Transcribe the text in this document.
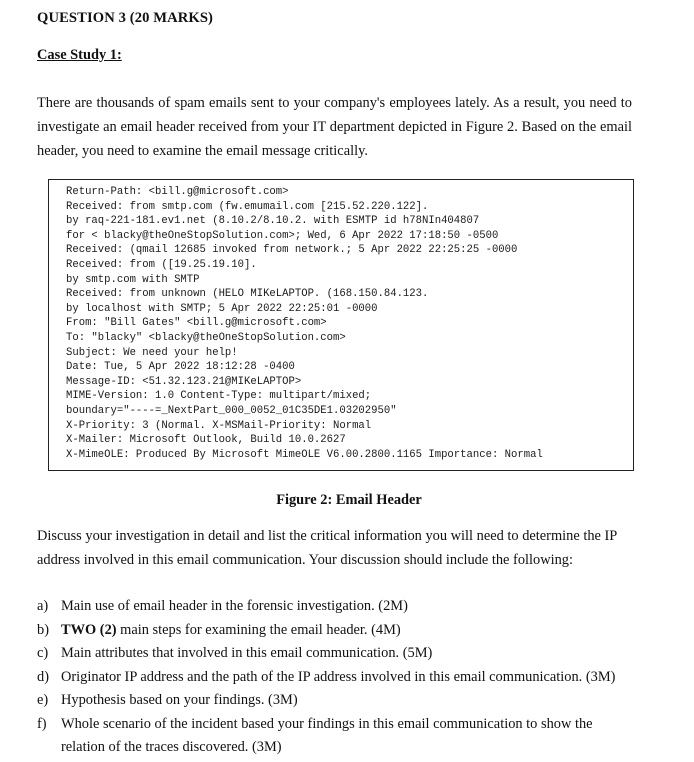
QUESTION 3 (20 MARKS)
Case Study 1:

There are thousands of spam emails sent to your company's employees lately. As a result, you need to investigate an email header received from your IT department depicted in Figure 2. Based on the email header, you need to examine the email message critically.

Return-Path: <bill.g@microsoft.com>
Received: from smtp.com (fw.emumail.com [215.52.220.122].
by raq-221-181.ev1.net (8.10.2/8.10.2. with ESMTP id h78NIn404807
for < blacky@theOneStopSolution.com>; Wed, 6 Apr 2022 17:18:50 -0500
Received: (qmail 12685 invoked from network.; 5 Apr 2022 22:25:25 -0000
Received: from ([19.25.19.10].
by smtp.com with SMTP
Received: from unknown (HELO MIKeLAPTOP. (168.150.84.123.
by localhost with SMTP; 5 Apr 2022 22:25:01 -0000
From: "Bill Gates" <bill.g@microsoft.com>
To: "blacky" <blacky@theOneStopSolution.com>
Subject: We need your help!
Date: Tue, 5 Apr 2022 18:12:28 -0400
Message-ID: <51.32.123.21@MIKeLAPTOP>
MIME-Version: 1.0 Content-Type: multipart/mixed;
boundary="----=_NextPart_000_0052_01C35DE1.03202950"
X-Priority: 3 (Normal. X-MSMail-Priority: Normal
X-Mailer: Microsoft Outlook, Build 10.0.2627
X-MimeOLE: Produced By Microsoft MimeOLE V6.00.2800.1165 Importance: Normal
Figure 2: Email Header

Discuss your investigation in detail and list the critical information you will need to determine the IP address involved in this email communication. Your discussion should include the following:

a) Main use of email header in the forensic investigation. (2M)
b) TWO (2) main steps for examining the email header. (4M)
c) Main attributes that involved in this email communication. (5M)
d) Originator IP address and the path of the IP address involved in this email communication. (3M)
e) Hypothesis based on your findings. (3M)
f)	Whole scenario of the incident based your findings in this email communication to show the relation of the traces discovered. (3M)
